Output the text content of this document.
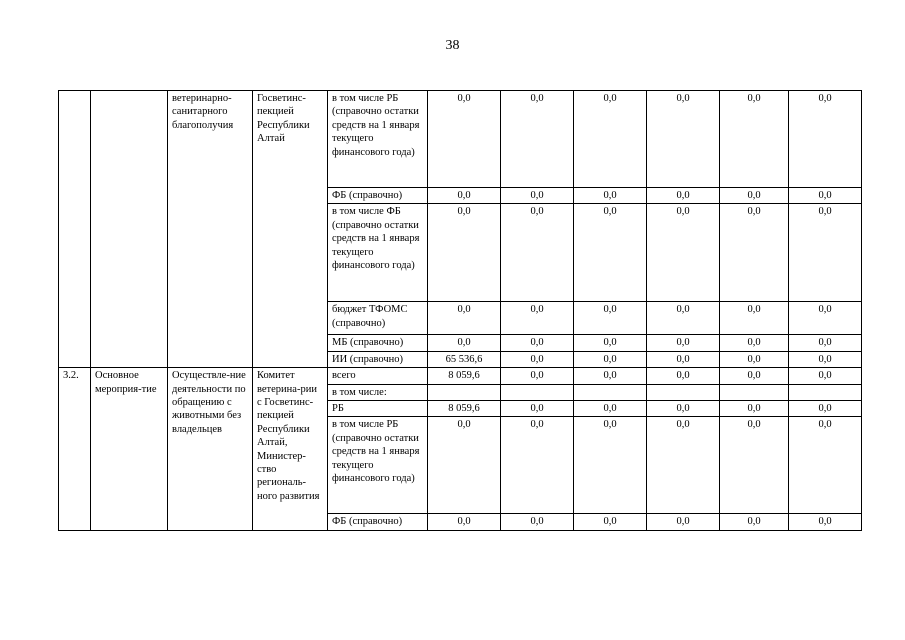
38
		ветеринарно-санитарного благополучия	Госветинс-пекцией Республики Алтай	в том числе РБ (справочно остатки средств на 1 января текущего финансового года)	0,0	0,0	0,0	0,0	0,0	0,0
				ФБ (справочно)	0,0	0,0	0,0	0,0	0,0	0,0
				в том числе ФБ (справочно остатки средств на 1 января текущего финансового года)	0,0	0,0	0,0	0,0	0,0	0,0
				бюджет ТФОМС (справочно)	0,0	0,0	0,0	0,0	0,0	0,0
				МБ (справочно)	0,0	0,0	0,0	0,0	0,0	0,0
				ИИ (справочно)	65 536,6	0,0	0,0	0,0	0,0	0,0
3.2.	Основное мероприя-тие	Осуществле-ние деятельности по обращению с животными без владельцев	Комитет ветерина-рии с Госветинс-пекцией Республики Алтай, Министер-ство региональ-ного развития	всего	8 059,6	0,0	0,0	0,0	0,0	0,0
				в том числе:						
				РБ	8 059,6	0,0	0,0	0,0	0,0	0,0
				в том числе РБ (справочно остатки средств на 1 января текущего финансового года)	0,0	0,0	0,0	0,0	0,0	0,0
				ФБ (справочно)	0,0	0,0	0,0	0,0	0,0	0,0
